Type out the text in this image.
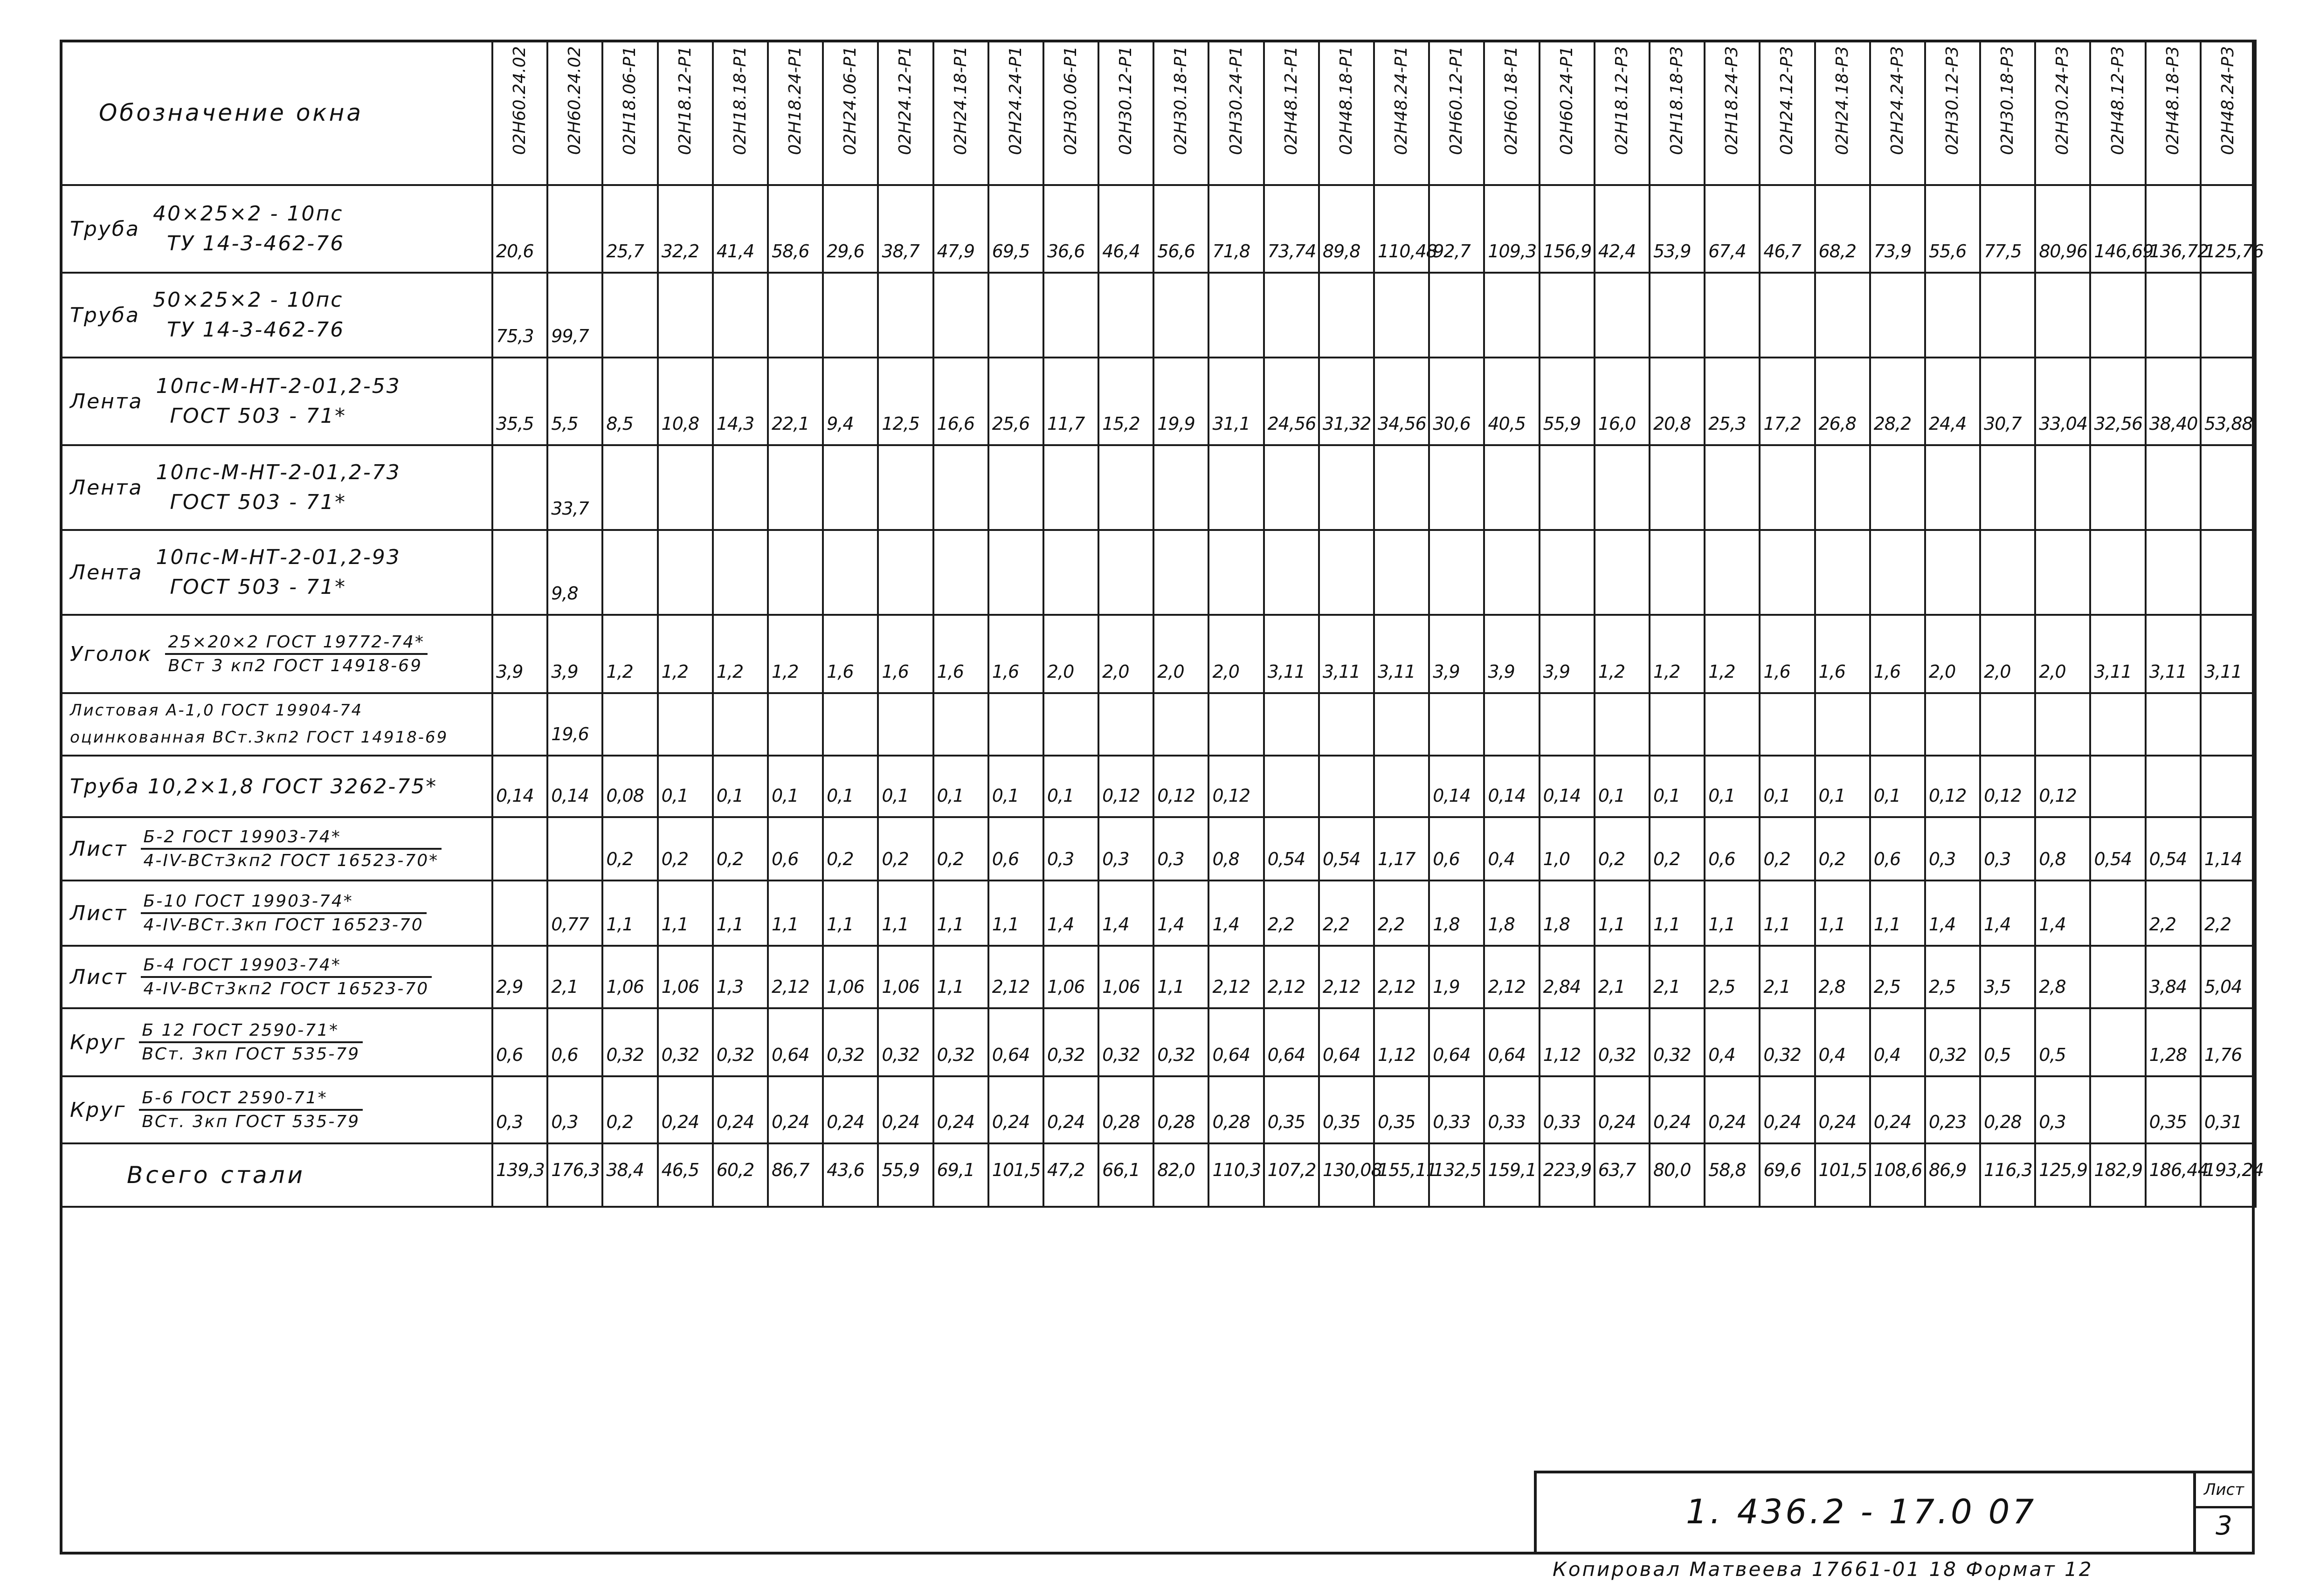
Обозначение окна	02Н60.24.02	02Н60.24.02	02Н18.06-Р1	02Н18.12-Р1	02Н18.18-Р1	02Н18.24-Р1	02Н24.06-Р1	02Н24.12-Р1	02Н24.18-Р1	02Н24.24-Р1	02Н30.06-Р1	02Н30.12-Р1	02Н30.18-Р1	02Н30.24-Р1	02Н48.12-Р1	02Н48.18-Р1	02Н48.24-Р1	02Н60.12-Р1	02Н60.18-Р1	02Н60.24-Р1	02Н18.12-Р3	02Н18.18-Р3	02Н18.24-Р3	02Н24.12-Р3	02Н24.18-Р3	02Н24.24-Р3	02Н30.12-Р3	02Н30.18-Р3	02Н30.24-Р3	02Н48.12-Р3	02Н48.18-Р3	02Н48.24-Р3

Труба
40×25×2 - 10пс
ТУ 14-3-462-76	20,6		25,7	32,2	41,4	58,6	29,6	38,7	47,9	69,5	36,6	46,4	56,6	71,8	73,74	89,8	110,48	92,7	109,3	156,9	42,4	53,9	67,4	46,7	68,2	73,9	55,6	77,5	80,96	146,69	136,72	125,76
Труба
50×25×2 - 10пс
ТУ 14-3-462-76	75,3	99,7																														
Лента
10пс-М-НТ-2-01,2-53
ГОСТ 503 - 71*	35,5	5,5	8,5	10,8	14,3	22,1	9,4	12,5	16,6	25,6	11,7	15,2	19,9	31,1	24,56	31,32	34,56	30,6	40,5	55,9	16,0	20,8	25,3	17,2	26,8	28,2	24,4	30,7	33,04	32,56	38,40	53,88
Лента
10пс-М-НТ-2-01,2-73
ГОСТ 503 - 71*		33,7																														
Лента
10пс-М-НТ-2-01,2-93
ГОСТ 503 - 71*		9,8																														
Уголок $\frac{\text{25×20×2 ГОСТ 19772-74*}}{\text{ВСт 3 кп2 ГОСТ 14918-69}}$	3,9	3,9	1,2	1,2	1,2	1,2	1,6	1,6	1,6	1,6	2,0	2,0	2,0	2,0	3,11	3,11	3,11	3,9	3,9	3,9	1,2	1,2	1,2	1,6	1,6	1,6	2,0	2,0	2,0	3,11	3,11	3,11

Листовая А-1,0 ГОСТ 19904-74
оцинкованная ВСт.3кп2 ГОСТ 14918-69		19,6																														
Труба 10,2×1,8 ГОСТ 3262-75*	0,14	0,14	0,08	0,1	0,1	0,1	0,1	0,1	0,1	0,1	0,1	0,12	0,12	0,12				0,14	0,14	0,14	0,1	0,1	0,1	0,1	0,1	0,1	0,12	0,12	0,12			
Лист $\frac{\text{Б-2 ГОСТ 19903-74*}}{\text{4-IV-ВСт3кп2 ГОСТ 16523-70*}}$			0,2	0,2	0,2	0,6	0,2	0,2	0,2	0,6	0,3	0,3	0,3	0,8	0,54	0,54	1,17	0,6	0,4	1,0	0,2	0,2	0,6	0,2	0,2	0,6	0,3	0,3	0,8	0,54	0,54	1,14
Лист $\frac{\text{Б-10 ГОСТ 19903-74*}}{\text{4-IV-ВСт.3кп ГОСТ 16523-70}}$		0,77	1,1	1,1	1,1	1,1	1,1	1,1	1,1	1,1	1,4	1,4	1,4	1,4	2,2	2,2	2,2	1,8	1,8	1,8	1,1	1,1	1,1	1,1	1,1	1,1	1,4	1,4	1,4		2,2	2,2
Лист $\frac{\text{Б-4 ГОСТ 19903-74*}}{\text{4-IV-ВСт3кп2 ГОСТ 16523-70}}$	2,9	2,1	1,06	1,06	1,3	2,12	1,06	1,06	1,1	2,12	1,06	1,06	1,1	2,12	2,12	2,12	2,12	1,9	2,12	2,84	2,1	2,1	2,5	2,1	2,8	2,5	2,5	3,5	2,8		3,84	5,04
Круг $\frac{\text{Б 12 ГОСТ 2590-71*}}{\text{ВСт. 3кп ГОСТ 535-79}}$	0,6	0,6	0,32	0,32	0,32	0,64	0,32	0,32	0,32	0,64	0,32	0,32	0,32	0,64	0,64	0,64	1,12	0,64	0,64	1,12	0,32	0,32	0,4	0,32	0,4	0,4	0,32	0,5	0,5		1,28	1,76
Круг $\frac{\text{Б-6 ГОСТ 2590-71*}}{\text{ВСт. 3кп ГОСТ 535-79}}$	0,3	0,3	0,2	0,24	0,24	0,24	0,24	0,24	0,24	0,24	0,24	0,28	0,28	0,28	0,35	0,35	0,35	0,33	0,33	0,33	0,24	0,24	0,24	0,24	0,24	0,24	0,23	0,28	0,3		0,35	0,31
Всего стали	139,3	176,3	38,4	46,5	60,2	86,7	43,6	55,9	69,1	101,5	47,2	66,1	82,0	110,3	107,2	130,08	155,11	132,5	159,1	223,9	63,7	80,0	58,8	69,6	101,5	108,6	86,9	116,3	125,9	182,9	186,44	193,24

1. 436.2 - 17.0 07
Лист
3
Копировал Матвеева 17661-01 18 Формат 12
